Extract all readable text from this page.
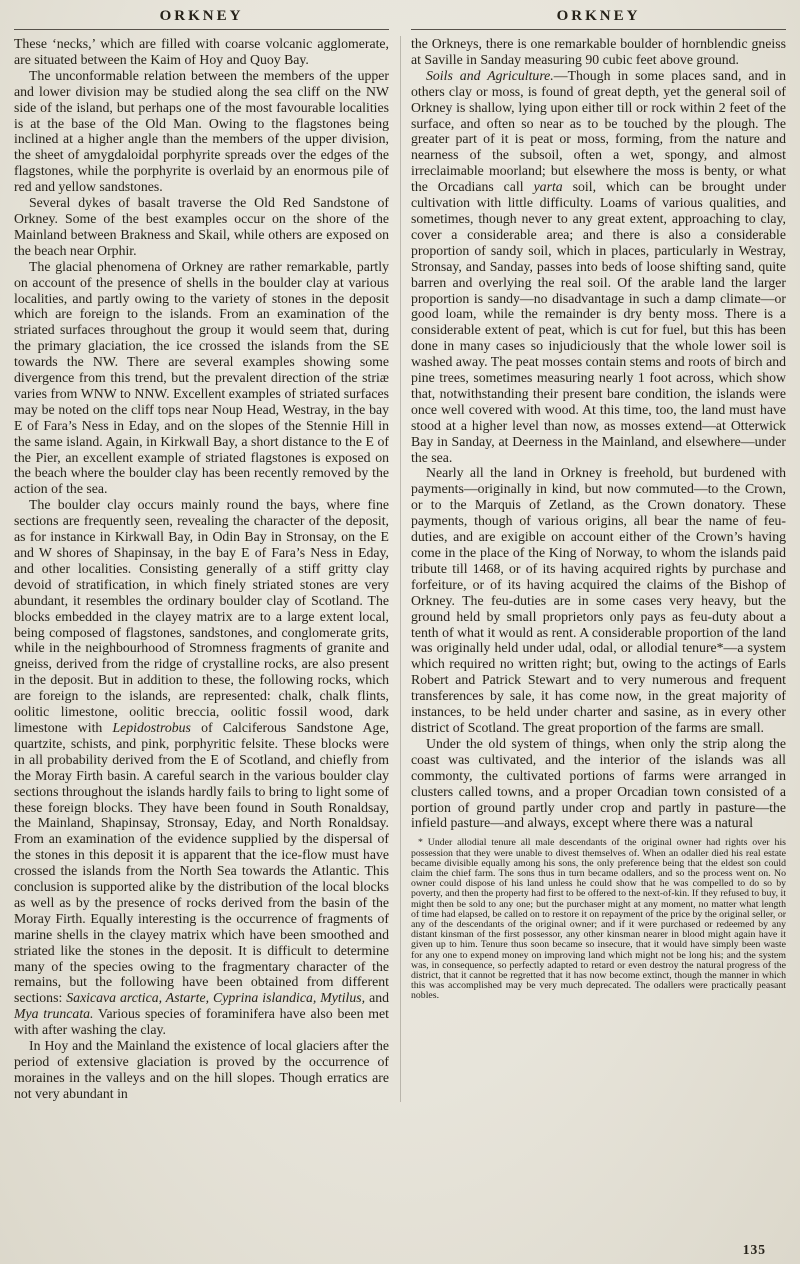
ORKNEY	ORKNEY

These ‘necks,’ which are filled with coarse volcanic agglomerate, are situated between the Kaim of Hoy and Quoy Bay.

The unconformable relation between the members of the upper and lower division may be studied along the sea cliff on the NW side of the island, but perhaps one of the most favourable localities is at the base of the Old Man. Owing to the flagstones being inclined at a higher angle than the members of the upper division, the sheet of amygdaloidal porphyrite spreads over the edges of the flagstones, while the porphyrite is overlaid by an enormous pile of red and yellow sandstones.

Several dykes of basalt traverse the Old Red Sandstone of Orkney. Some of the best examples occur on the shore of the Mainland between Brakness and Skail, while others are exposed on the beach near Orphir.

The glacial phenomena of Orkney are rather remarkable, partly on account of the presence of shells in the boulder clay at various localities, and partly owing to the variety of stones in the deposit which are foreign to the islands. From an examination of the striated surfaces throughout the group it would seem that, during the primary glaciation, the ice crossed the islands from the SE towards the NW. There are several examples showing some divergence from this trend, but the prevalent direction of the striæ varies from WNW to NNW. Excellent examples of striated surfaces may be noted on the cliff tops near Noup Head, Westray, in the bay E of Fara’s Ness in Eday, and on the slopes of the Stennie Hill in the same island. Again, in Kirkwall Bay, a short distance to the E of the Pier, an excellent example of striated flagstones is exposed on the beach where the boulder clay has been recently removed by the action of the sea.

The boulder clay occurs mainly round the bays, where fine sections are frequently seen, revealing the character of the deposit, as for instance in Kirkwall Bay, in Odin Bay in Stronsay, on the E and W shores of Shapinsay, in the bay E of Fara’s Ness in Eday, and other localities. Consisting generally of a stiff gritty clay devoid of stratification, in which finely striated stones are very abundant, it resembles the ordinary boulder clay of Scotland. The blocks embedded in the clayey matrix are to a large extent local, being composed of flagstones, sandstones, and conglomerate grits, while in the neighbourhood of Stromness fragments of granite and gneiss, derived from the ridge of crystalline rocks, are also present in the deposit. But in addition to these, the following rocks, which are foreign to the islands, are represented: chalk, chalk flints, oolitic limestone, oolitic breccia, oolitic fossil wood, dark limestone with Lepidostrobus of Calciferous Sandstone Age, quartzite, schists, and pink, porphyritic felsite. These blocks were in all probability derived from the E of Scotland, and chiefly from the Moray Firth basin. A careful search in the various boulder clay sections throughout the islands hardly fails to bring to light some of these foreign blocks. They have been found in South Ronaldsay, the Mainland, Shapinsay, Stronsay, Eday, and North Ronaldsay. From an examination of the evidence supplied by the dispersal of the stones in this deposit it is apparent that the ice-flow must have crossed the islands from the North Sea towards the Atlantic. This conclusion is supported alike by the distribution of the local blocks as well as by the presence of rocks derived from the basin of the Moray Firth. Equally interesting is the occurrence of fragments of marine shells in the clayey matrix which have been smoothed and striated like the stones in the deposit. It is difficult to determine many of the species owing to the fragmentary character of the remains, but the following have been obtained from different sections: Saxicava arctica, Astarte, Cyprina islandica, Mytilus, and Mya truncata. Various species of foraminifera have also been met with after washing the clay.

In Hoy and the Mainland the existence of local glaciers after the period of extensive glaciation is proved by the occurrence of moraines in the valleys and on the hill slopes. Though erratics are not very abundant in

the Orkneys, there is one remarkable boulder of hornblendic gneiss at Saville in Sanday measuring 90 cubic feet above ground.

Soils and Agriculture.—Though in some places sand, and in others clay or moss, is found of great depth, yet the general soil of Orkney is shallow, lying upon either till or rock within 2 feet of the surface, and often so near as to be touched by the plough. The greater part of it is peat or moss, forming, from the nature and nearness of the subsoil, often a wet, spongy, and almost irreclaimable moorland; but elsewhere the moss is benty, or what the Orcadians call yarta soil, which can be brought under cultivation with little difficulty. Loams of various qualities, and sometimes, though never to any great extent, approaching to clay, cover a considerable area; and there is also a considerable proportion of sandy soil, which in places, particularly in Westray, Stronsay, and Sanday, passes into beds of loose shifting sand, quite barren and overlying the real soil. Of the arable land the larger proportion is sandy—no disadvantage in such a damp climate—or good loam, while the remainder is dry benty moss. There is a considerable extent of peat, which is cut for fuel, but this has been done in many cases so injudiciously that the whole lower soil is washed away. The peat mosses contain stems and roots of birch and pine trees, sometimes measuring nearly 1 foot across, which show that, notwithstanding their present bare condition, the islands were once well covered with wood. At this time, too, the land must have stood at a higher level than now, as mosses extend—at Otterwick Bay in Sanday, at Deerness in the Mainland, and elsewhere—under the sea.

Nearly all the land in Orkney is freehold, but burdened with payments—originally in kind, but now commuted—to the Crown, or to the Marquis of Zetland, as the Crown donatory. These payments, though of various origins, all bear the name of feu-duties, and are exigible on account either of the Crown’s having come in the place of the King of Norway, to whom the islands paid tribute till 1468, or of its having acquired rights by purchase and forfeiture, or of its having acquired the claims of the Bishop of Orkney. The feu-duties are in some cases very heavy, but the ground held by small proprietors only pays as feu-duty about a tenth of what it would as rent. A considerable proportion of the land was originally held under udal, odal, or allodial tenure*—a system which required no written right; but, owing to the actings of Earls Robert and Patrick Stewart and to very numerous and frequent transferences by sale, it has come now, in the great majority of instances, to be held under charter and sasine, as in every other district of Scotland. The great proportion of the farms are small.

Under the old system of things, when only the strip along the coast was cultivated, and the interior of the islands was all commonty, the cultivated portions of farms were arranged in clusters called towns, and a proper Orcadian town consisted of a portion of ground partly under crop and partly in pasture—the infield pasture—and always, except where there was a natural

* Under allodial tenure all male descendants of the original owner had rights over his possession that they were unable to divest themselves of. When an odaller died his real estate became divisible equally among his sons, the only preference being that the eldest son could claim the chief farm. The sons thus in turn became odallers, and so the process went on. No owner could dispose of his land unless he could show that he was compelled to do so by poverty, and then the property had first to be offered to the next-of-kin. If they refused to buy, it might then be sold to any one; but the purchaser might at any moment, no matter what length of time had elapsed, be called on to restore it on repayment of the price by the original seller, or any of the descendants of the original owner; and if it were purchased or redeemed by any distant kinsman of the first possessor, any other kinsman nearer in blood might again have it given up to him. Tenure thus soon became so insecure, that it would have simply been waste for any one to expend money on improving land which might not be long his; and the system was, in consequence, so perfectly adapted to retard or even destroy the natural progress of the district, that it cannot be regretted that it has now become extinct, though the manner in which this was accomplished may be very much deprecated. The odallers were practically peasant nobles.

135
